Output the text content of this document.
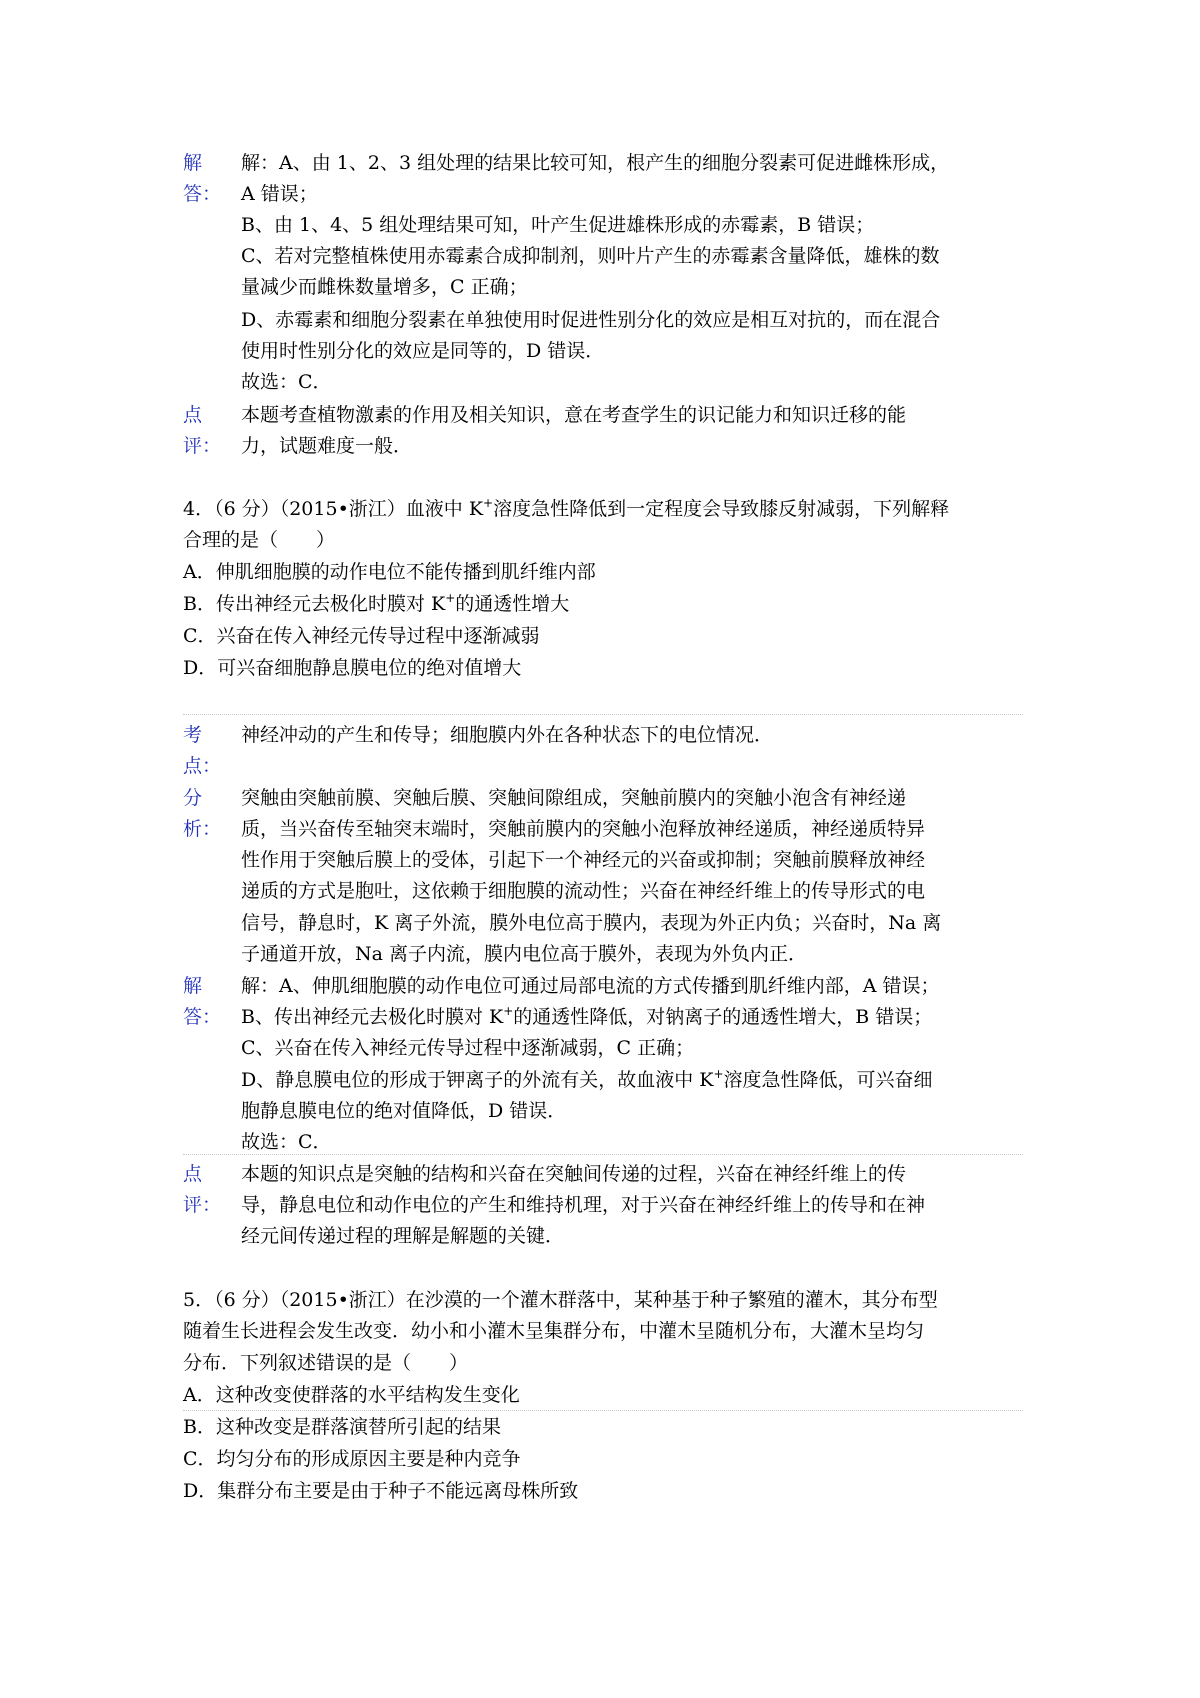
解
答：
解：A、由 1、2、3 组处理的结果比较可知，根产生的细胞分裂素可促进雌株形成，
A 错误；
B、由 1、4、5 组处理结果可知，叶产生促进雄株形成的赤霉素，B 错误；
C、若对完整植株使用赤霉素合成抑制剂，则叶片产生的赤霉素含量降低，雄株的数
量减少而雌株数量增多，C 正确；
D、赤霉素和细胞分裂素在单独使用时促进性别分化的效应是相互对抗的，而在混合
使用时性别分化的效应是同等的，D 错误．
故选：C．
点
评：
本题考查植物激素的作用及相关知识，意在考查学生的识记能力和知识迁移的能
力，试题难度一般．
4．（6 分）（2015•浙江）血液中 K+溶度急性降低到一定程度会导致膝反射减弱，下列解释
合理的是（　　）
A．伸肌细胞膜的动作电位不能传播到肌纤维内部
B．传出神经元去极化时膜对 K+的通透性增大
C．兴奋在传入神经元传导过程中逐渐减弱
D．可兴奋细胞静息膜电位的绝对值增大
考
点：
神经冲动的产生和传导；细胞膜内外在各种状态下的电位情况．
分
析：
突触由突触前膜、突触后膜、突触间隙组成，突触前膜内的突触小泡含有神经递
质，当兴奋传至轴突末端时，突触前膜内的突触小泡释放神经递质，神经递质特异
性作用于突触后膜上的受体，引起下一个神经元的兴奋或抑制；突触前膜释放神经
递质的方式是胞吐，这依赖于细胞膜的流动性；兴奋在神经纤维上的传导形式的电
信号，静息时，K 离子外流，膜外电位高于膜内，表现为外正内负；兴奋时，Na 离
子通道开放，Na 离子内流，膜内电位高于膜外，表现为外负内正．
解
答：
解：A、伸肌细胞膜的动作电位可通过局部电流的方式传播到肌纤维内部，A 错误；
B、传出神经元去极化时膜对 K+的通透性降低，对钠离子的通透性增大，B 错误；
C、兴奋在传入神经元传导过程中逐渐减弱，C 正确；
D、静息膜电位的形成于钾离子的外流有关，故血液中 K+溶度急性降低，可兴奋细
胞静息膜电位的绝对值降低，D 错误．
故选：C．
点
评：
本题的知识点是突触的结构和兴奋在突触间传递的过程，兴奋在神经纤维上的传
导，静息电位和动作电位的产生和维持机理，对于兴奋在神经纤维上的传导和在神
经元间传递过程的理解是解题的关键．
5．（6 分）（2015•浙江）在沙漠的一个灌木群落中，某种基于种子繁殖的灌木，其分布型
随着生长进程会发生改变．幼小和小灌木呈集群分布，中灌木呈随机分布，大灌木呈均匀
分布．下列叙述错误的是（　　）
A．这种改变使群落的水平结构发生变化
B．这种改变是群落演替所引起的结果
C．均匀分布的形成原因主要是种内竞争
D．集群分布主要是由于种子不能远离母株所致
